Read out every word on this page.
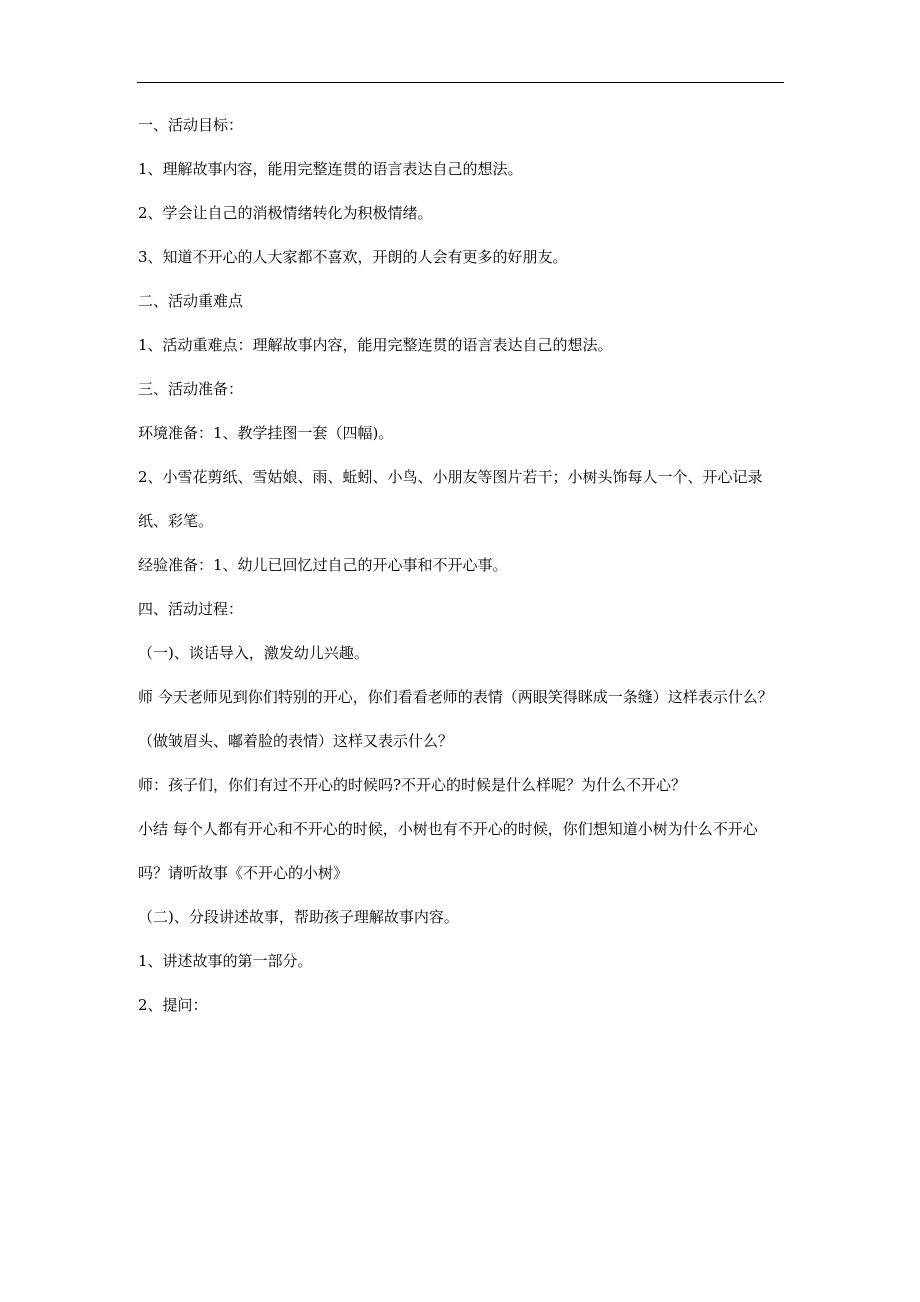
一、活动目标：

1、理解故事内容，能用完整连贯的语言表达自己的想法。

2、学会让自己的消极情绪转化为积极情绪。

3、知道不开心的人大家都不喜欢，开朗的人会有更多的好朋友。

二、活动重难点

1、活动重难点：理解故事内容，能用完整连贯的语言表达自己的想法。

三、活动准备：

环境准备：1、教学挂图一套（四幅)。

2、小雪花剪纸、雪姑娘、雨、蚯蚓、小鸟、小朋友等图片若干；小树头饰每人一个、开心记录

纸、彩笔。

经验准备：1、幼儿已回忆过自己的开心事和不开心事。

四、活动过程：

（一)、谈话导入，激发幼儿兴趣。

师 今天老师见到你们特别的开心，你们看看老师的表情（两眼笑得眯成一条缝）这样表示什么？

（做皱眉头、嘟着脸的表情）这样又表示什么？

师：孩子们，你们有过不开心的时候吗?不开心的时候是什么样呢？为什么不开心？

小结 每个人都有开心和不开心的时候，小树也有不开心的时候，你们想知道小树为什么不开心

吗？请听故事《不开心的小树》

（二)、分段讲述故事，帮助孩子理解故事内容。

1、讲述故事的第一部分。

2、提问：
